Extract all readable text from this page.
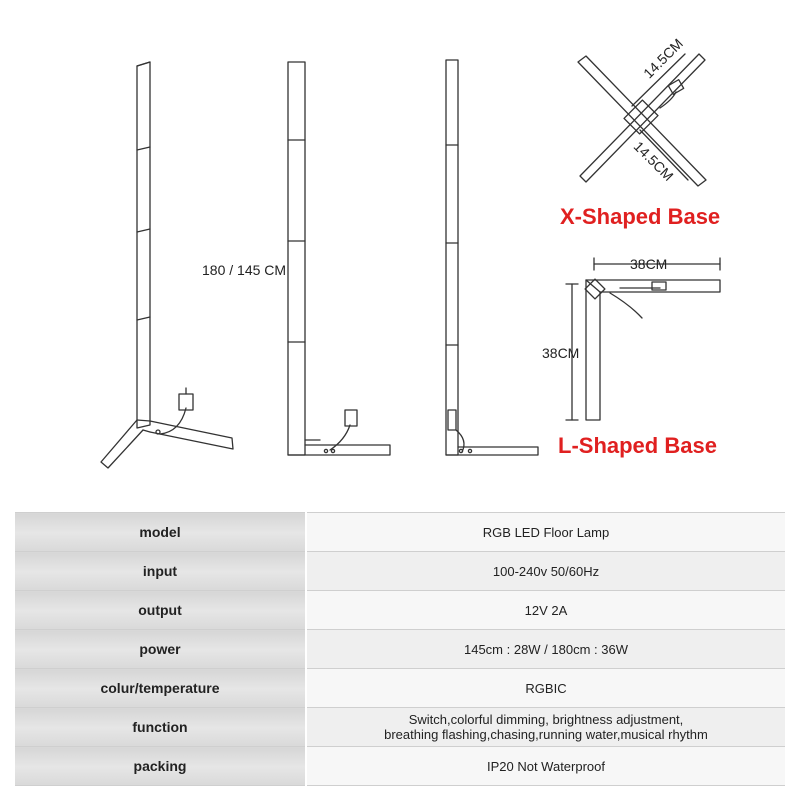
180 / 145 CM
14.5CM
14.5CM
38CM
38CM
X-Shaped Base
L-Shaped Base
model	RGB LED Floor Lamp
input	100-240v 50/60Hz
output	12V 2A
power	145cm : 28W / 180cm : 36W
colur/temperature	RGBIC
function	Switch,colorful dimming, brightness adjustment,
breathing flashing,chasing,running water,musical rhythm
packing	IP20 Not Waterproof
